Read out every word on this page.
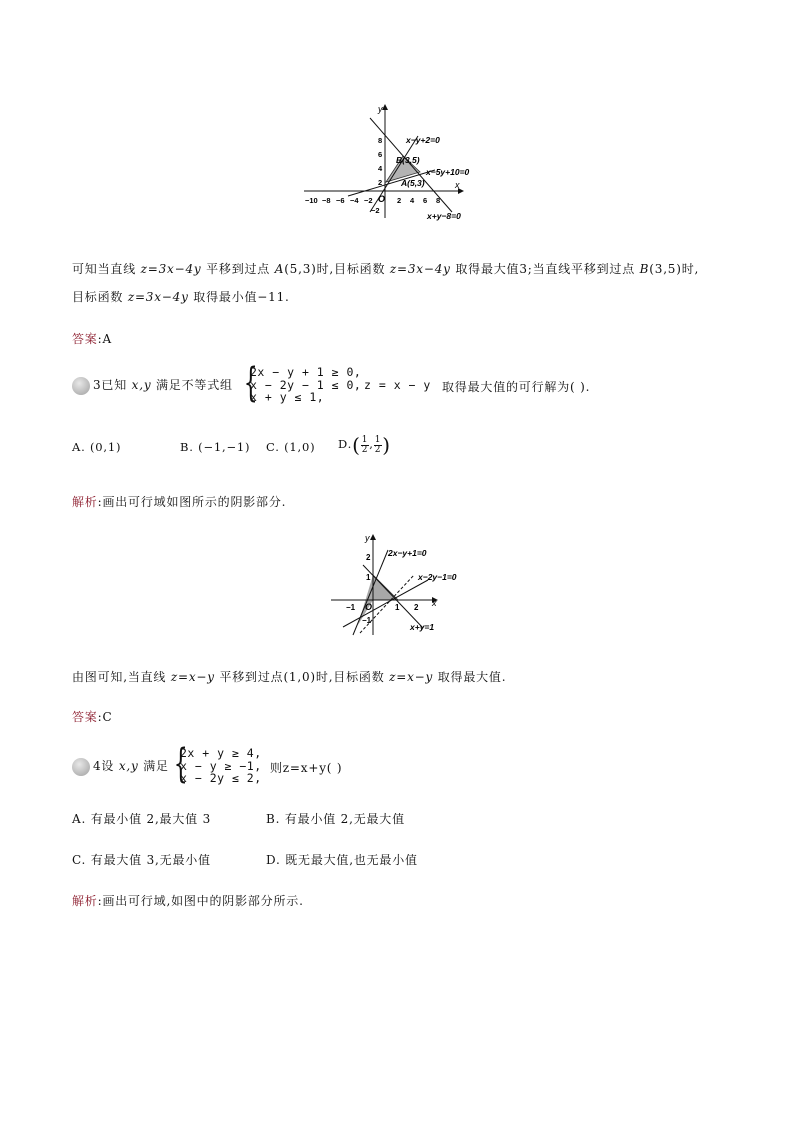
x
y
O
−10 −8 −6 −4 −2	2 4 6 8
8
6
4
2
−2
x−y+2=0
x−5y+10=0
x+y−8=0
B(3,5)
A(5,3)
可知当直线 z=3x−4y 平移到过点 A(5,3)时,目标函数 z=3x−4y 取得最大值3;当直线平移到过点 B(3,5)时,
目标函数 z=3x−4y 取得最小值−11.
答案:A
3已知 x,y 满足不等式组 {
2x − y + 1 ≥ 0,
x − 2y − 1 ≤ 0,
x + y ≤ 1,
z = x − y 取得最大值的可行解为( ).
A. (0,1)	B. (−1,−1) C. (1,0) $D.( \frac{1}{2}$ , $\frac{1}{2}$ )
解析:画出可行域如图所示的阴影部分.
x
y
O
−1	1 2
2
1
−1
2x−y+1=0
x−2y−1=0
x+y=1
由图可知,当直线 z=x−y 平移到过点(1,0)时,目标函数 z=x−y 取得最大值.
答案:C
4设 x,y 满足 {
2x + y ≥ 4,
x − y ≥ −1,
x − 2y ≤ 2,
则z=x+y( )
A. 有最小值 2,最大值 3	B. 有最小值 2,无最大值
C. 有最大值 3,无最小值	D. 既无最大值,也无最小值
解析:画出可行域,如图中的阴影部分所示.
